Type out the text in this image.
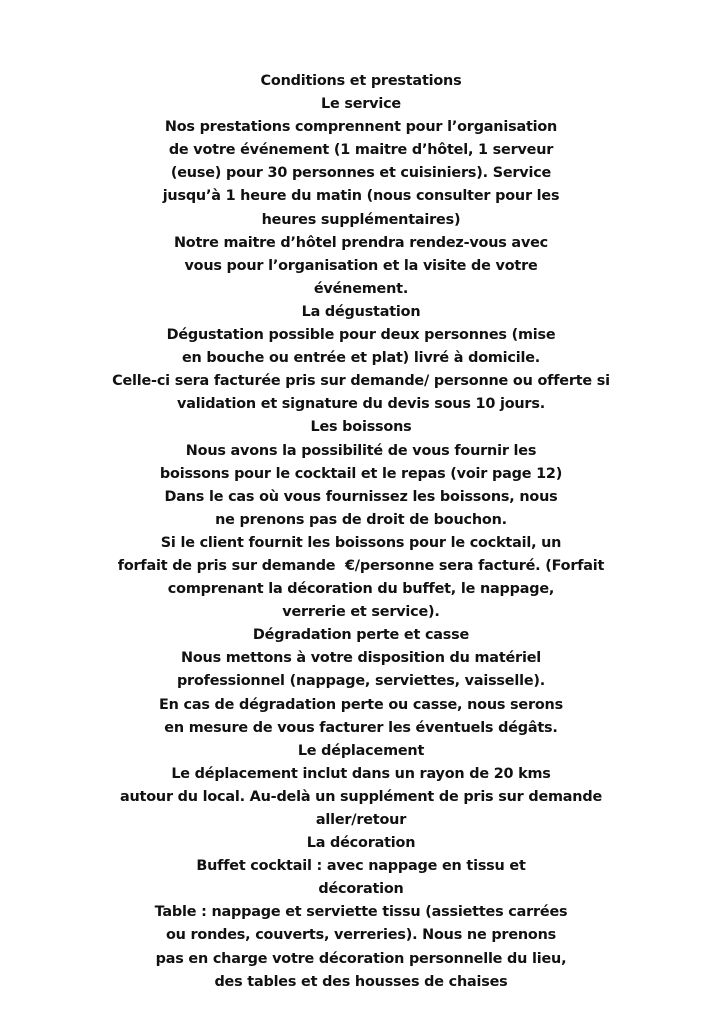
Conditions et prestations
Le service
Nos prestations comprennent pour l’organisation
de votre événement (1 maitre d’hôtel, 1 serveur
(euse) pour 30 personnes et cuisiniers). Service
jusqu’à 1 heure du matin (nous consulter pour les
heures supplémentaires)
Notre maitre d’hôtel prendra rendez-vous avec
vous pour l’organisation et la visite de votre
événement.
La dégustation
Dégustation possible pour deux personnes (mise
en bouche ou entrée et plat) livré à domicile.
Celle-ci sera facturée pris sur demande/ personne ou offerte si
validation et signature du devis sous 10 jours.
Les boissons
Nous avons la possibilité de vous fournir les
boissons pour le cocktail et le repas (voir page 12)
Dans le cas où vous fournissez les boissons, nous
ne prenons pas de droit de bouchon.
Si le client fournit les boissons pour le cocktail, un
forfait de pris sur demande  €/personne sera facturé. (Forfait
comprenant la décoration du buffet, le nappage,
verrerie et service).
Dégradation perte et casse
Nous mettons à votre disposition du matériel
professionnel (nappage, serviettes, vaisselle).
En cas de dégradation perte ou casse, nous serons
en mesure de vous facturer les éventuels dégâts.
Le déplacement
Le déplacement inclut dans un rayon de 20 kms
autour du local. Au-delà un supplément de pris sur demande
aller/retour
La décoration
Buffet cocktail : avec nappage en tissu et
décoration
Table : nappage et serviette tissu (assiettes carrées
ou rondes, couverts, verreries). Nous ne prenons
pas en charge votre décoration personnelle du lieu,
des tables et des housses de chaises
